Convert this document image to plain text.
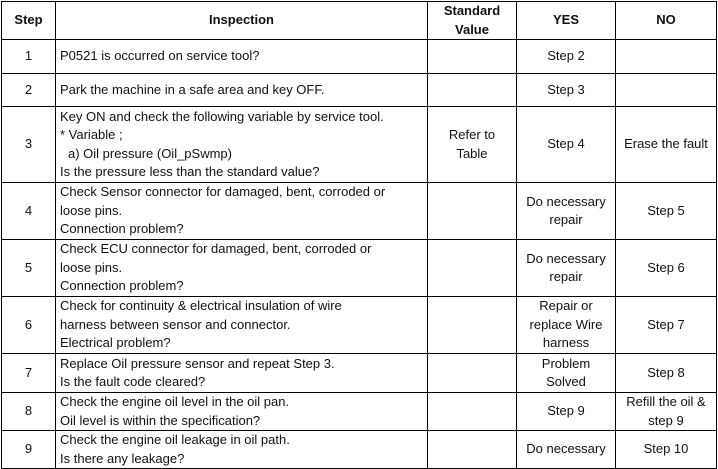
Step	Inspection	Standard Value	YES	NO
1	P0521 is occurred on service tool?		Step 2	
2	Park the machine in a safe area and key OFF.		Step 3	
3	Key ON and check the following variable by service tool.
* Variable ;
a) Oil pressure (Oil_pSwmp)
Is the pressure less than the standard value?	Refer to Table	Step 4	Erase the fault
4	Check Sensor connector for damaged, bent, corroded or
loose pins.
Connection problem?		Do necessary repair	Step 5
5	Check ECU connector for damaged, bent, corroded or
loose pins.
Connection problem?		Do necessary repair	Step 6
6	Check for continuity & electrical insulation of wire
harness between sensor and connector.
Electrical problem?		Repair or replace Wire harness	Step 7
7	Replace Oil pressure sensor and repeat Step 3.
Is the fault code cleared?		Problem Solved	Step 8
8	Check the engine oil level in the oil pan.
Oil level is within the specification?		Step 9	Refill the oil & step 9
9	Check the engine oil leakage in oil path.
Is there any leakage?		Do necessary	Step 10
